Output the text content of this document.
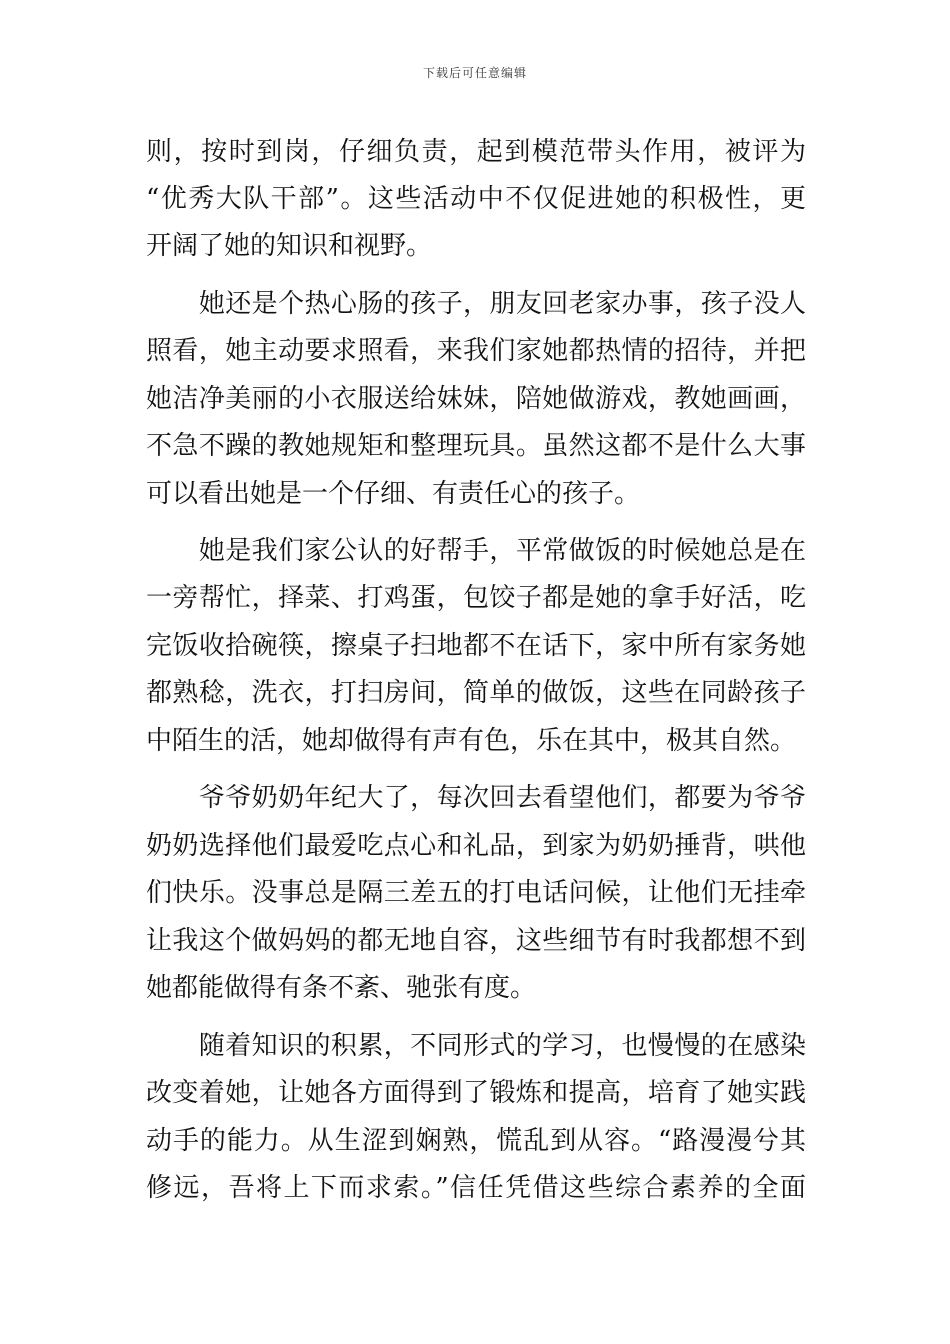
下载后可任意编辑
则，按时到岗，仔细负责，起到模范带头作用，被评为
“优秀大队干部”。这些活动中不仅促进她的积极性，更
开阔了她的知识和视野。
　　她还是个热心肠的孩子，朋友回老家办事，孩子没人
照看，她主动要求照看，来我们家她都热情的招待，并把
她洁净美丽的小衣服送给妹妹，陪她做游戏，教她画画，
不急不躁的教她规矩和整理玩具。虽然这都不是什么大事
可以看出她是一个仔细、有责任心的孩子。
　　她是我们家公认的好帮手，平常做饭的时候她总是在
一旁帮忙，择菜、打鸡蛋，包饺子都是她的拿手好活，吃
完饭收拾碗筷，擦桌子扫地都不在话下，家中所有家务她
都熟稔，洗衣，打扫房间，简单的做饭，这些在同龄孩子
中陌生的活，她却做得有声有色，乐在其中，极其自然。
　　爷爷奶奶年纪大了，每次回去看望他们，都要为爷爷
奶奶选择他们最爱吃点心和礼品，到家为奶奶捶背，哄他
们快乐。没事总是隔三差五的打电话问候，让他们无挂牵
让我这个做妈妈的都无地自容，这些细节有时我都想不到
她都能做得有条不紊、驰张有度。
　　随着知识的积累，不同形式的学习，也慢慢的在感染
改变着她，让她各方面得到了锻炼和提高，培育了她实践
动手的能力。从生涩到娴熟，慌乱到从容。“路漫漫兮其
修远，吾将上下而求索。”信任凭借这些综合素养的全面
